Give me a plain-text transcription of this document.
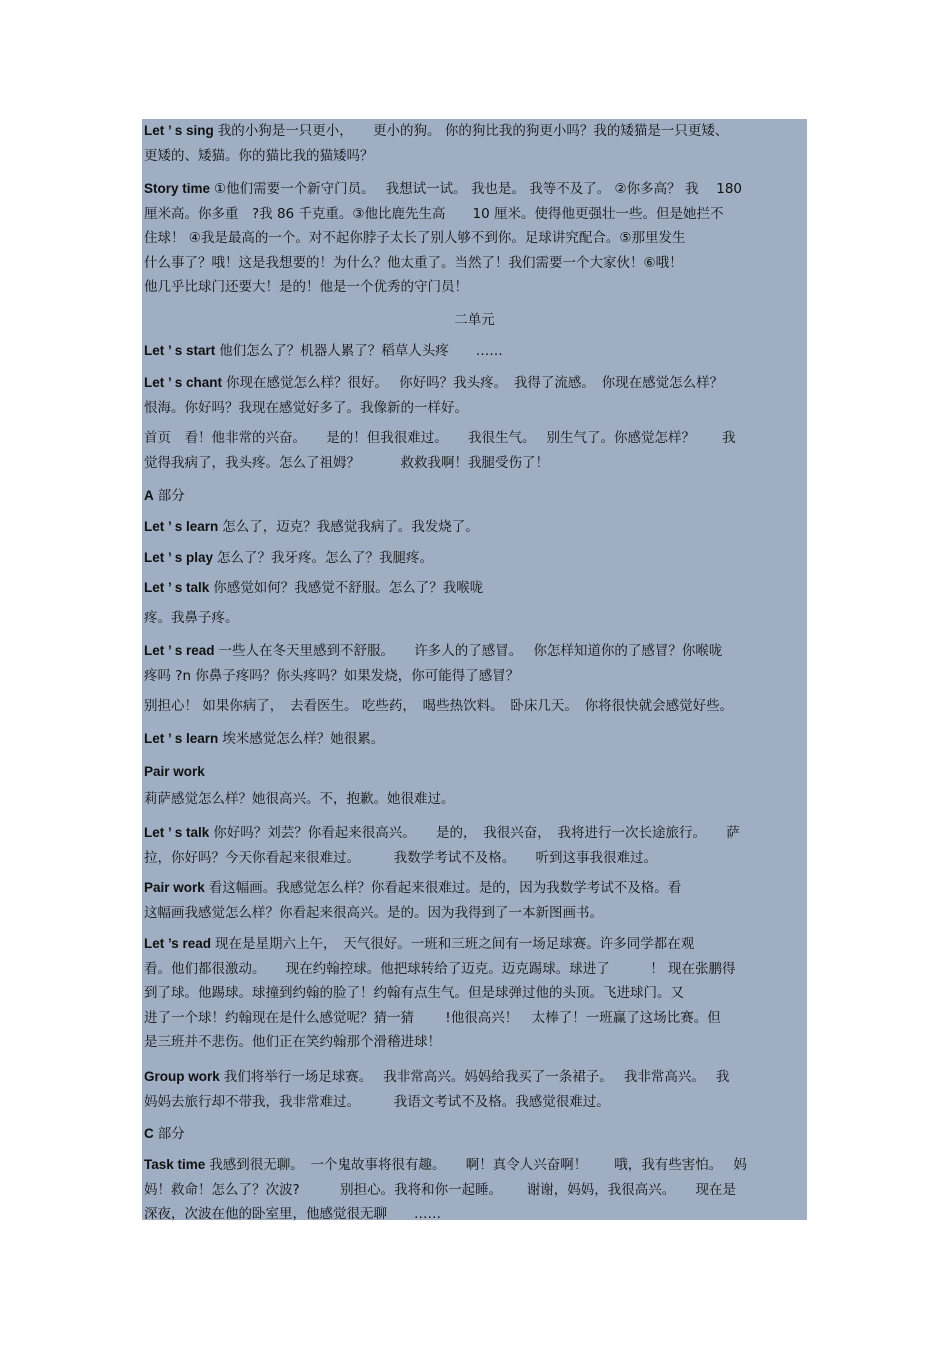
Let ’ s sing 我的小狗是一只更小，　　更小的狗。 你的狗比我的狗更小吗？我的矮猫是一只更矮、
更矮的、矮猫。你的猫比我的猫矮吗？
Story time ①他们需要一个新守门员。　 我想试一试。 我也是。 我等不及了。 ②你多高？ 我　 180
厘米高。你多重　?我 86 千克重。③他比鹿先生高　　10 厘米。使得他更强壮一些。但是她拦不
住球！ ④我是最高的一个。对不起你脖子太长了别人够不到你。足球讲究配合。⑤那里发生
什么事了？哦！这是我想要的！为什么？他太重了。当然了！我们需要一个大家伙！⑥哦！
他几乎比球门还要大！是的！他是一个优秀的守门员！
二单元
Let ’ s start 他们怎么了？机器人累了？稻草人头疼　　……
Let ’ s chant 你现在感觉怎么样？很好。　 你好吗？我头疼。　我得了流感。　你现在感觉怎么样？
恨海。你好吗？我现在感觉好多了。我像新的一样好。
首页　看！他非常的兴奋。　　是的！但我很难过。　　我很生气。　 别生气了。你感觉怎样？　　我
觉得我病了，我头疼。怎么了祖姆？　　　救救我啊！我腿受伤了！
A 部分
Let ’ s learn 怎么了，迈克？我感觉我病了。我发烧了。
Let ’ s play 怎么了？我牙疼。怎么了？我腿疼。
Let ’ s talk 你感觉如何？我感觉不舒服。怎么了？我喉咙
疼。我鼻子疼。
Let ’ s read 一些人在冬天里感到不舒服。　　许多人的了感冒。　 你怎样知道你的了感冒？你喉咙
疼吗 ?n 你鼻子疼吗？你头疼吗？如果发烧，你可能得了感冒？
别担心！ 如果你病了，　去看医生。 吃些药，　喝些热饮料。　卧床几天。　你将很快就会感觉好些。
Let ’ s learn 埃米感觉怎么样？她很累。
Pair work
莉萨感觉怎么样？她很高兴。不，抱歉。她很难过。
Let ’ s talk 你好吗？刘芸？你看起来很高兴。　　是的，　我很兴奋，　我将进行一次长途旅行。　　萨
拉，你好吗？今天你看起来很难过。　　　我数学考试不及格。　　听到这事我很难过。
Pair work 看这幅画。我感觉怎么样？你看起来很难过。是的，因为我数学考试不及格。看
这幅画我感觉怎么样？你看起来很高兴。是的。因为我得到了一本新图画书。
Let ’s read 现在是星期六上午，　天气很好。一班和三班之间有一场足球赛。许多同学都在观
看。他们都很激动。　　现在约翰控球。他把球转给了迈克。迈克踢球。球进了　　　！ 现在张鹏得
到了球。他踢球。球撞到约翰的脸了！约翰有点生气。但是球弹过他的头顶。飞进球门。又
进了一个球！约翰现在是什么感觉呢？猜一猜　　 !他很高兴！　太棒了！一班赢了这场比赛。但
是三班并不悲伤。他们正在笑约翰那个滑稽进球！
Group work 我们将举行一场足球赛。　 我非常高兴。妈妈给我买了一条裙子。　 我非常高兴。　 我
妈妈去旅行却不带我，我非常难过。　　　我语文考试不及格。我感觉很难过。
C 部分
Task time 我感到很无聊。　一个鬼故事将很有趣。　　啊！真令人兴奋啊！　　哦，我有些害怕。　 妈
妈！救命！怎么了？次波?　　　别担心。我将和你一起睡。　　 谢谢，妈妈，我很高兴。　　现在是
深夜，次波在他的卧室里，他感觉很无聊　　……
